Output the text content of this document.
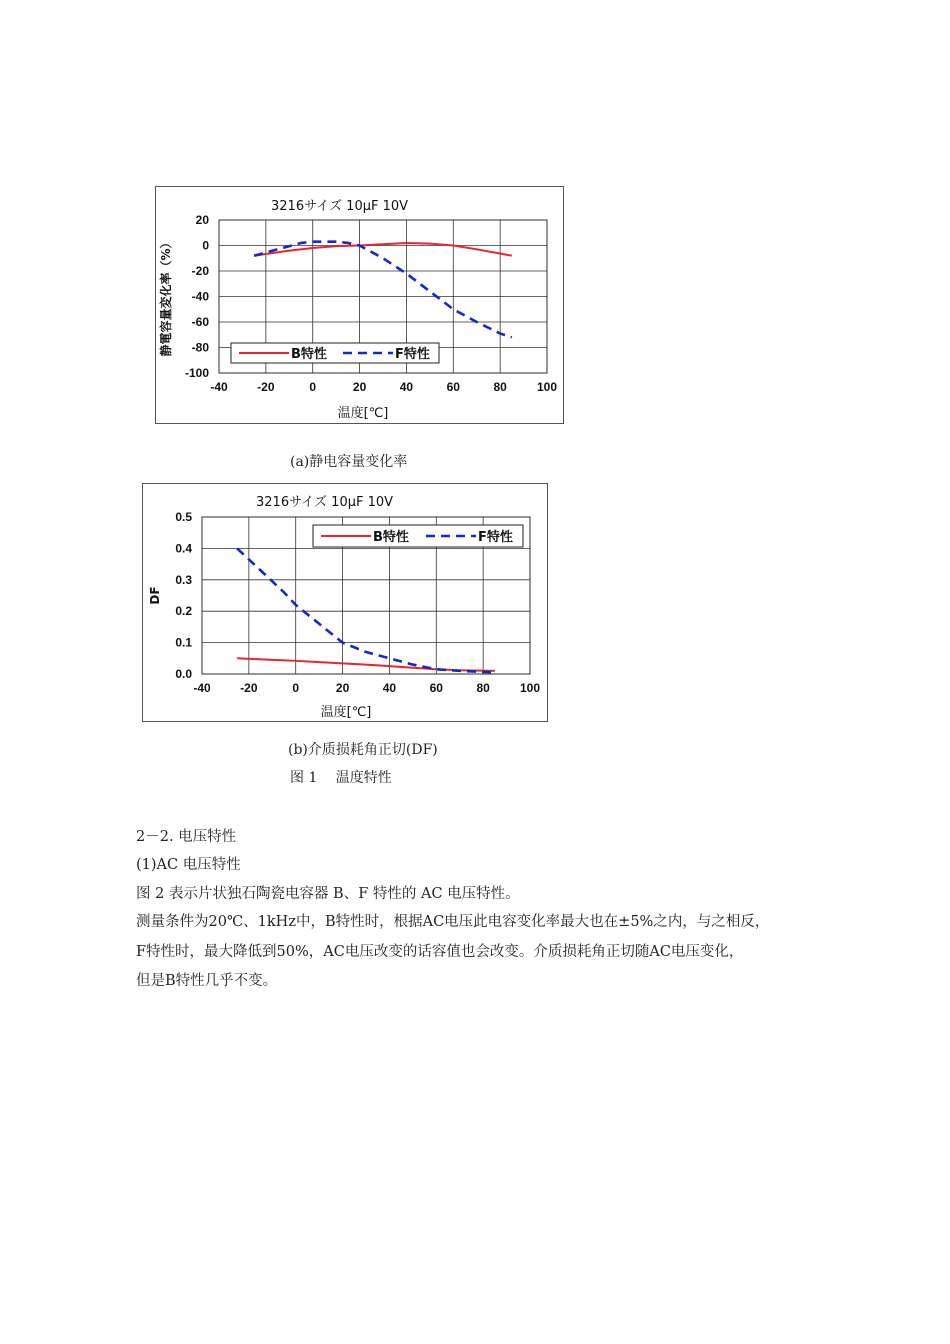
-40 -20	0	20	40	60	80	100
20
0
-20
-40
-60
-80
-100
B特性	F特性
3216サイズ 10μF 10V
温度[℃]
静電容量変化率（%）
(a)静电容量变化率
-40 -20	0	20	40	60	80	100
0.5
0.4
0.3
0.2
0.1
0.0
B特性	F特性
3216サイズ 10μF 10V
温度[℃]
DF
(b)介质损耗角正切(DF)
图 1　 温度特性
2－2. 电压特性
(1)AC 电压特性
图 2 表示片状独石陶瓷电容器 B、F 特性的 AC 电压特性。
测量条件为20℃、1kHz中，B特性时，根据AC电压此电容变化率最大也在±5%之内，与之相反，
F特性时，最大降低到50%，AC电压改变的话容值也会改变。介质损耗角正切随AC电压变化，
但是B特性几乎不变。
